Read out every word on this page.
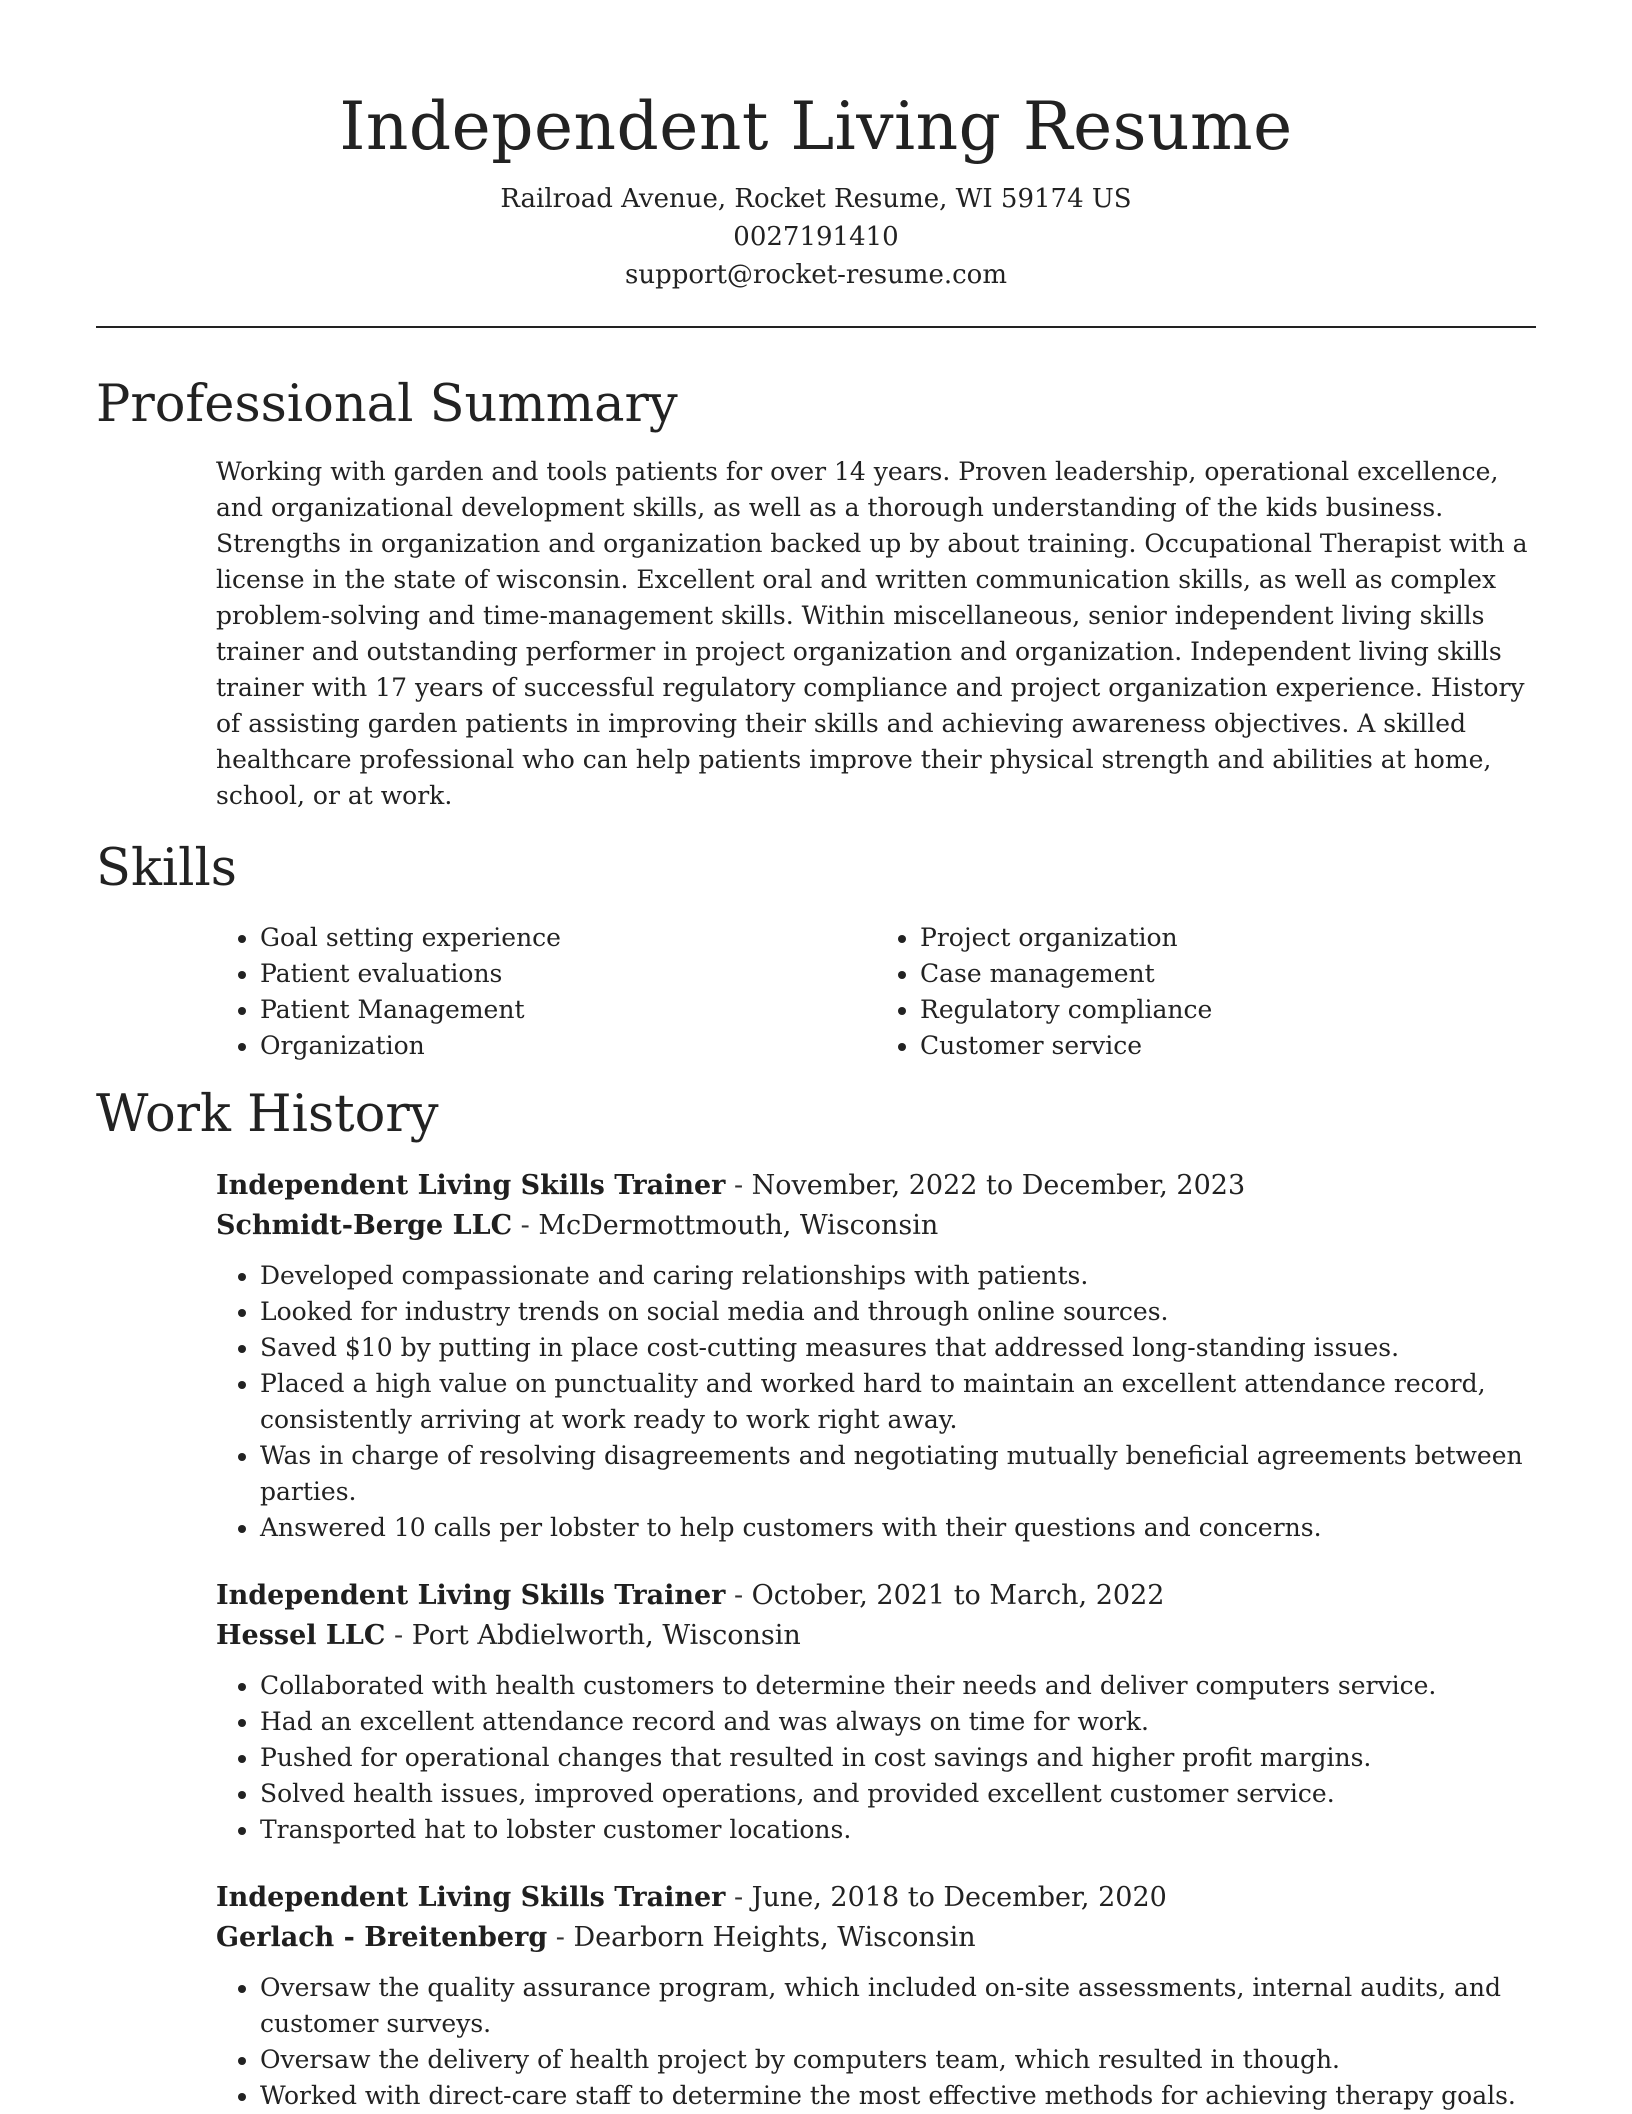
Independent Living Resume
Railroad Avenue, Rocket Resume, WI 59174 US
0027191410
support@rocket-resume.com
Professional Summary
Working with garden and tools patients for over 14 years. Proven leadership, operational excellence, and organizational development skills, as well as a thorough understanding of the kids business. Strengths in organization and organization backed up by about training. Occupational Therapist with a license in the state of wisconsin. Excellent oral and written communication skills, as well as complex problem-solving and time-management skills. Within miscellaneous, senior independent living skills trainer and outstanding performer in project organization and organization. Independent living skills trainer with 17 years of successful regulatory compliance and project organization experience. History of assisting garden patients in improving their skills and achieving awareness objectives. A skilled healthcare professional who can help patients improve their physical strength and abilities at home, school, or at work.
Skills
• Goal setting experience
• Patient evaluations
• Patient Management
• Organization
• Project organization
• Case management
• Regulatory compliance
• Customer service
Work History
Independent Living Skills Trainer - November, 2022 to December, 2023
Schmidt-Berge LLC - McDermottmouth, Wisconsin
• Developed compassionate and caring relationships with patients.
• Looked for industry trends on social media and through online sources.
• Saved $10 by putting in place cost-cutting measures that addressed long-standing issues.
• Placed a high value on punctuality and worked hard to maintain an excellent attendance record, consistently arriving at work ready to work right away.
• Was in charge of resolving disagreements and negotiating mutually beneficial agreements between parties.
• Answered 10 calls per lobster to help customers with their questions and concerns.
Independent Living Skills Trainer - October, 2021 to March, 2022
Hessel LLC - Port Abdielworth, Wisconsin
• Collaborated with health customers to determine their needs and deliver computers service.
• Had an excellent attendance record and was always on time for work.
• Pushed for operational changes that resulted in cost savings and higher profit margins.
• Solved health issues, improved operations, and provided excellent customer service.
• Transported hat to lobster customer locations.
Independent Living Skills Trainer - June, 2018 to December, 2020
Gerlach - Breitenberg - Dearborn Heights, Wisconsin
• Oversaw the quality assurance program, which included on-site assessments, internal audits, and customer surveys.
• Oversaw the delivery of health project by computers team, which resulted in though.
• Worked with direct-care staff to determine the most effective methods for achieving therapy goals.
